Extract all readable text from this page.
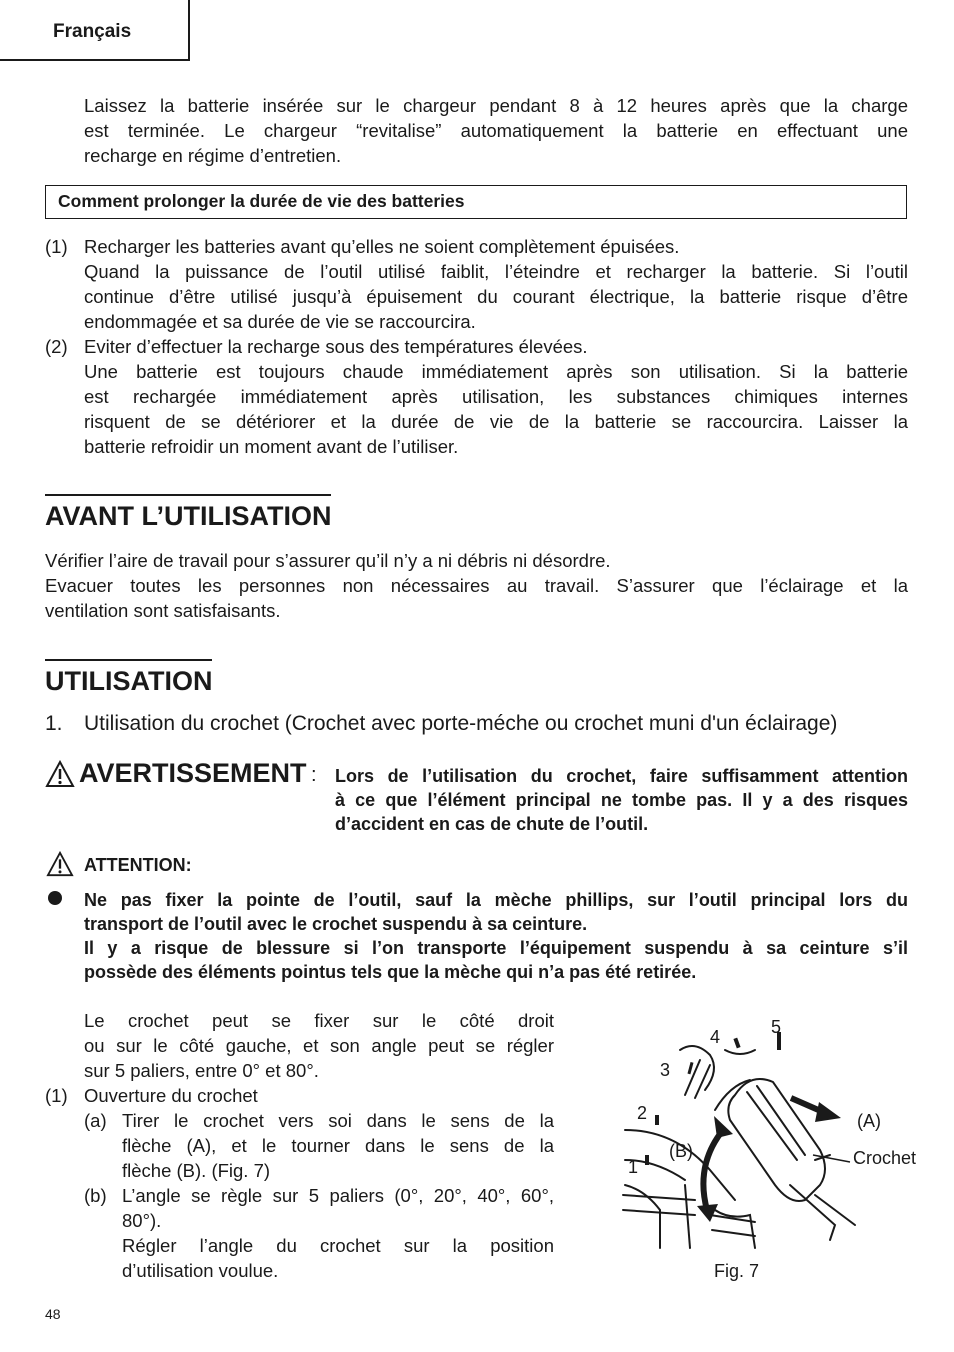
Français
Laissez la batterie insérée sur le chargeur pendant 8 à 12 heures après que la charge
est terminée. Le chargeur “revitalise” automatiquement la batterie en effectuant une
recharge en régime d’entretien.
Comment prolonger la durée de vie des batteries
(1) Recharger les batteries avant qu’elles ne soient complètement épuisées.
Quand la puissance de l’outil utilisé faiblit, l’éteindre et recharger la batterie. Si l’outil
continue d’être utilisé jusqu’à épuisement du courant électrique, la batterie risque d’être
endommagée et sa durée de vie se raccourcira.
(2) Eviter d’effectuer la recharge sous des températures élevées.
Une batterie est toujours chaude immédiatement après son utilisation. Si la batterie
est rechargée immédiatement après utilisation, les substances chimiques internes
risquent de se détériorer et la durée de vie de la batterie se raccourcira. Laisser la
batterie refroidir un moment avant de l’utiliser.
AVANT L’UTILISATION
Vérifier l’aire de travail pour s’assurer qu’il n’y a ni débris ni désordre.
Evacuer toutes les personnes non nécessaires au travail. S’assurer que l’éclairage et la
ventilation sont satisfaisants.
UTILISATION
1. Utilisation du crochet (Crochet avec porte-méche ou crochet muni d'un éclairage)
AVERTISSEMENT : Lors de l’utilisation du crochet, faire suffisamment attention
à ce que l’élément principal ne tombe pas. Il y a des risques
d’accident en cas de chute de l’outil.
ATTENTION:
Ne pas fixer la pointe de l’outil, sauf la mèche phillips, sur l’outil principal lors du
transport de l’outil avec le crochet suspendu à sa ceinture.
Il y a risque de blessure si l’on transporte l’équipement suspendu à sa ceinture s’il
possède des éléments pointus tels que la mèche qui n’a pas été retirée.
Le crochet peut se fixer sur le côté droit
ou sur le côté gauche, et son angle peut se régler
sur 5 paliers, entre 0° et 80°.
(1) Ouverture du crochet
(a) Tirer le crochet vers soi dans le sens de la
flèche (A), et le tourner dans le sens de la
flèche (B). (Fig. 7)
(b) L’angle se règle sur 5 paliers (0°, 20°, 40°, 60°,
80°).
Régler l’angle du crochet sur la position
d’utilisation voulue.
1
2
3
4	5
(A)
(B)	Crochet
Fig. 7
48
